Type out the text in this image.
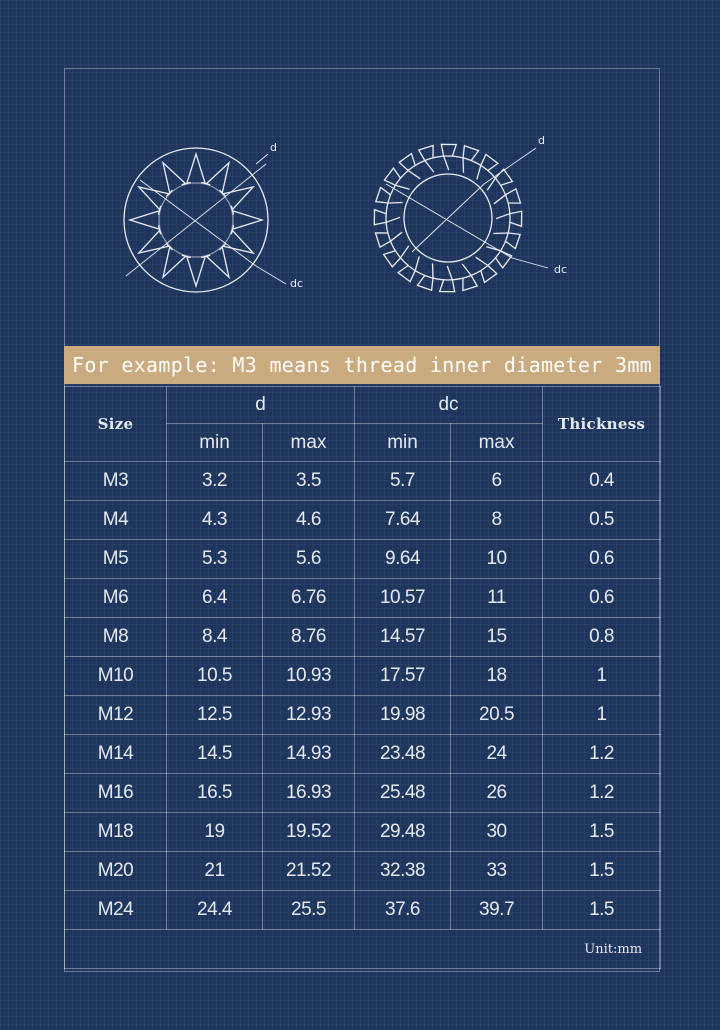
d
dc
d
dc
For example: M3 means thread inner diameter 3mm
Size	d		dc		Thickness
	min	max	min	max	
M3	3.2	3.5	5.7	6	0.4
M4	4.3	4.6	7.64	8	0.5
M5	5.3	5.6	9.64	10	0.6
M6	6.4	6.76	10.57	11	0.6
M8	8.4	8.76	14.57	15	0.8
M10	10.5	10.93	17.57	18	1
M12	12.5	12.93	19.98	20.5	1
M14	14.5	14.93	23.48	24	1.2
M16	16.5	16.93	25.48	26	1.2
M18	19	19.52	29.48	30	1.5
M20	21	21.52	32.38	33	1.5
M24	24.4	25.5	37.6	39.7	1.5
Unit:mm					
